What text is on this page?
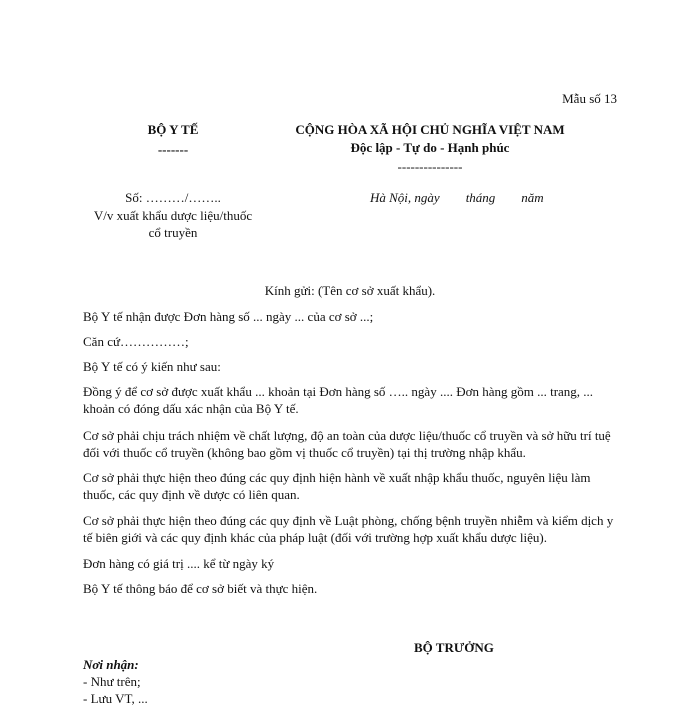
Mẫu số 13
BỘ Y TẾ
-------
CỘNG HÒA XÃ HỘI CHỦ NGHĨA VIỆT NAM
Độc lập - Tự do - Hạnh phúc
---------------
Số: ………/……..
V/v xuất khẩu dược liệu/thuốc
cổ truyền
Hà Nội, ngày        tháng        năm
Kính gửi: (Tên cơ sở xuất khẩu).
Bộ Y tế nhận được Đơn hàng số ... ngày ... của cơ sở ...;
Căn cứ……………;
Bộ Y tế có ý kiến như sau:
Đồng ý để cơ sở được xuất khẩu ... khoản tại Đơn hàng số ….. ngày .... Đơn hàng gồm ... trang, ... khoản có đóng dấu xác nhận của Bộ Y tế.
Cơ sở phải chịu trách nhiệm về chất lượng, độ an toàn của dược liệu/thuốc cổ truyền và sở hữu trí tuệ đối với thuốc cổ truyền (không bao gồm vị thuốc cổ truyền) tại thị trường nhập khẩu.
Cơ sở phải thực hiện theo đúng các quy định hiện hành về xuất nhập khẩu thuốc, nguyên liệu làm thuốc, các quy định về dược có liên quan.
Cơ sở phải thực hiện theo đúng các quy định về Luật phòng, chống bệnh truyền nhiễm và kiểm dịch y tế biên giới và các quy định khác của pháp luật (đối với trường hợp xuất khẩu dược liệu).
Đơn hàng có giá trị .... kể từ ngày ký
Bộ Y tế thông báo để cơ sở biết và thực hiện.
BỘ TRƯỞNG
Nơi nhận:
- Như trên;
- Lưu VT, ...
